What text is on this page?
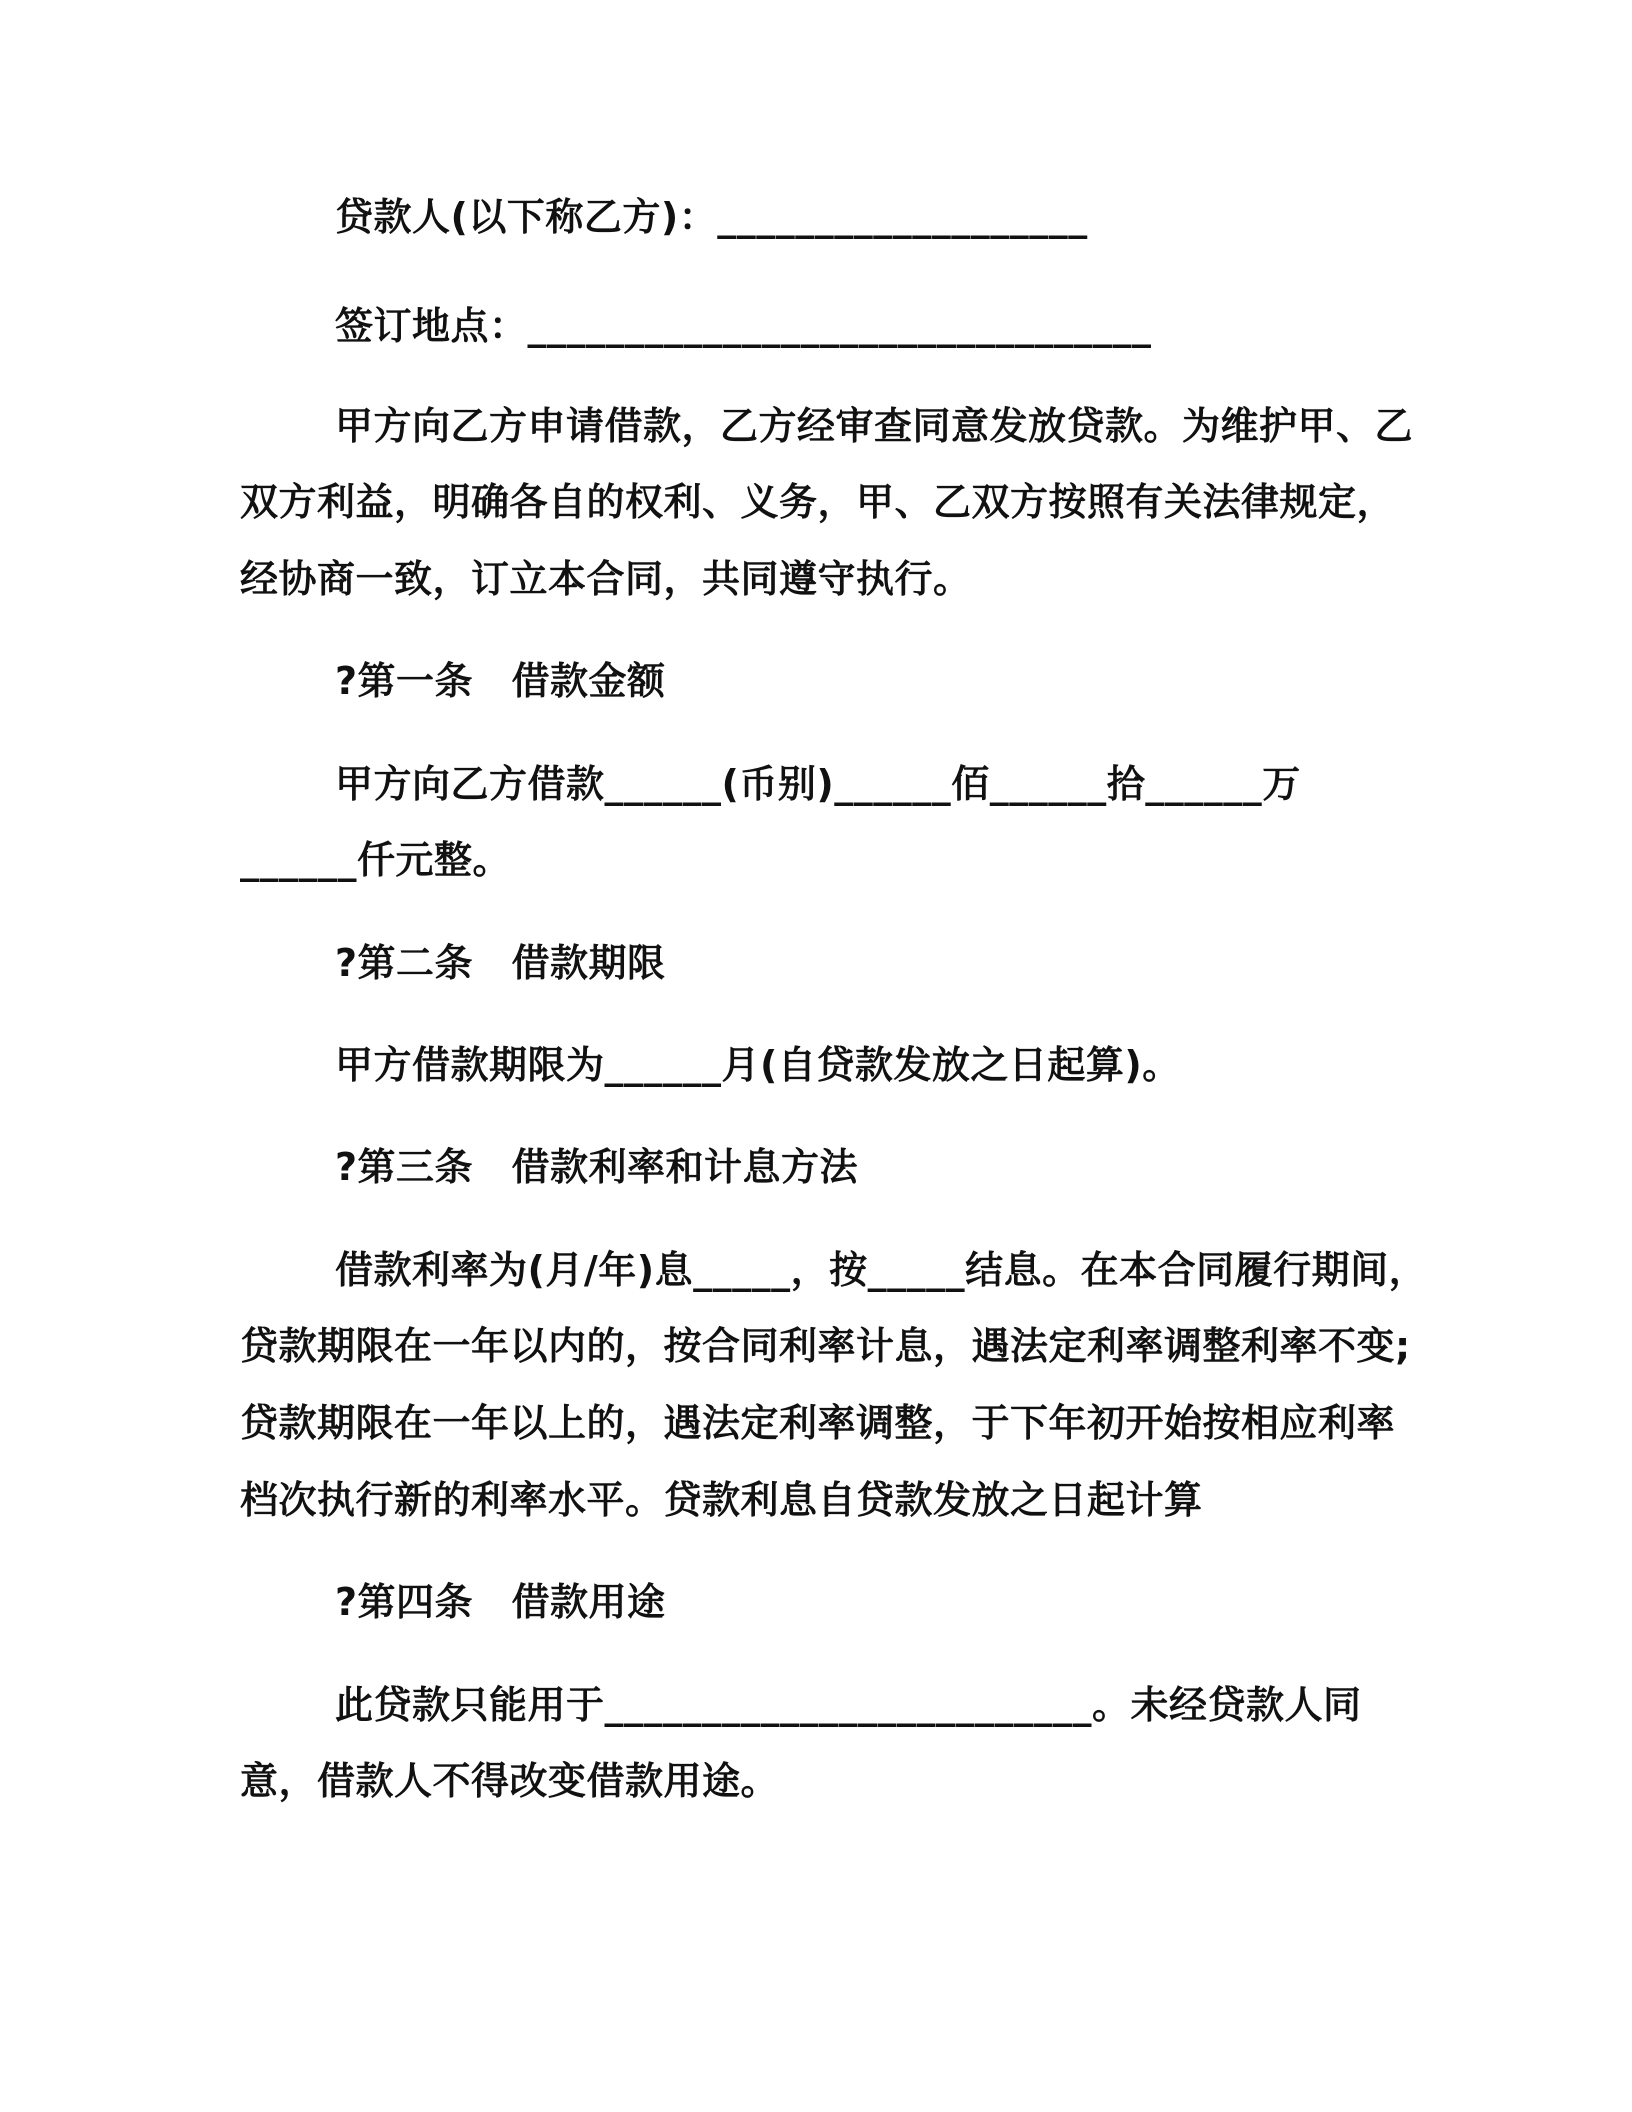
贷款人(以下称乙方)：___________________

签订地点：________________________________

甲方向乙方申请借款，乙方经审查同意发放贷款。为维护甲、乙

双方利益，明确各自的权利、义务，甲、乙双方按照有关法律规定，

经协商一致，订立本合同，共同遵守执行。

?第一条　借款金额

甲方向乙方借款______(币别)______佰______拾______万

______仟元整。

?第二条　借款期限

甲方借款期限为______月(自贷款发放之日起算)。

?第三条　借款利率和计息方法

借款利率为(月/年)息_____，按_____结息。在本合同履行期间，

贷款期限在一年以内的，按合同利率计息，遇法定利率调整利率不变;

贷款期限在一年以上的，遇法定利率调整，于下年初开始按相应利率

档次执行新的利率水平。贷款利息自贷款发放之日起计算

?第四条　借款用途

此贷款只能用于_________________________。未经贷款人同

意，借款人不得改变借款用途。
